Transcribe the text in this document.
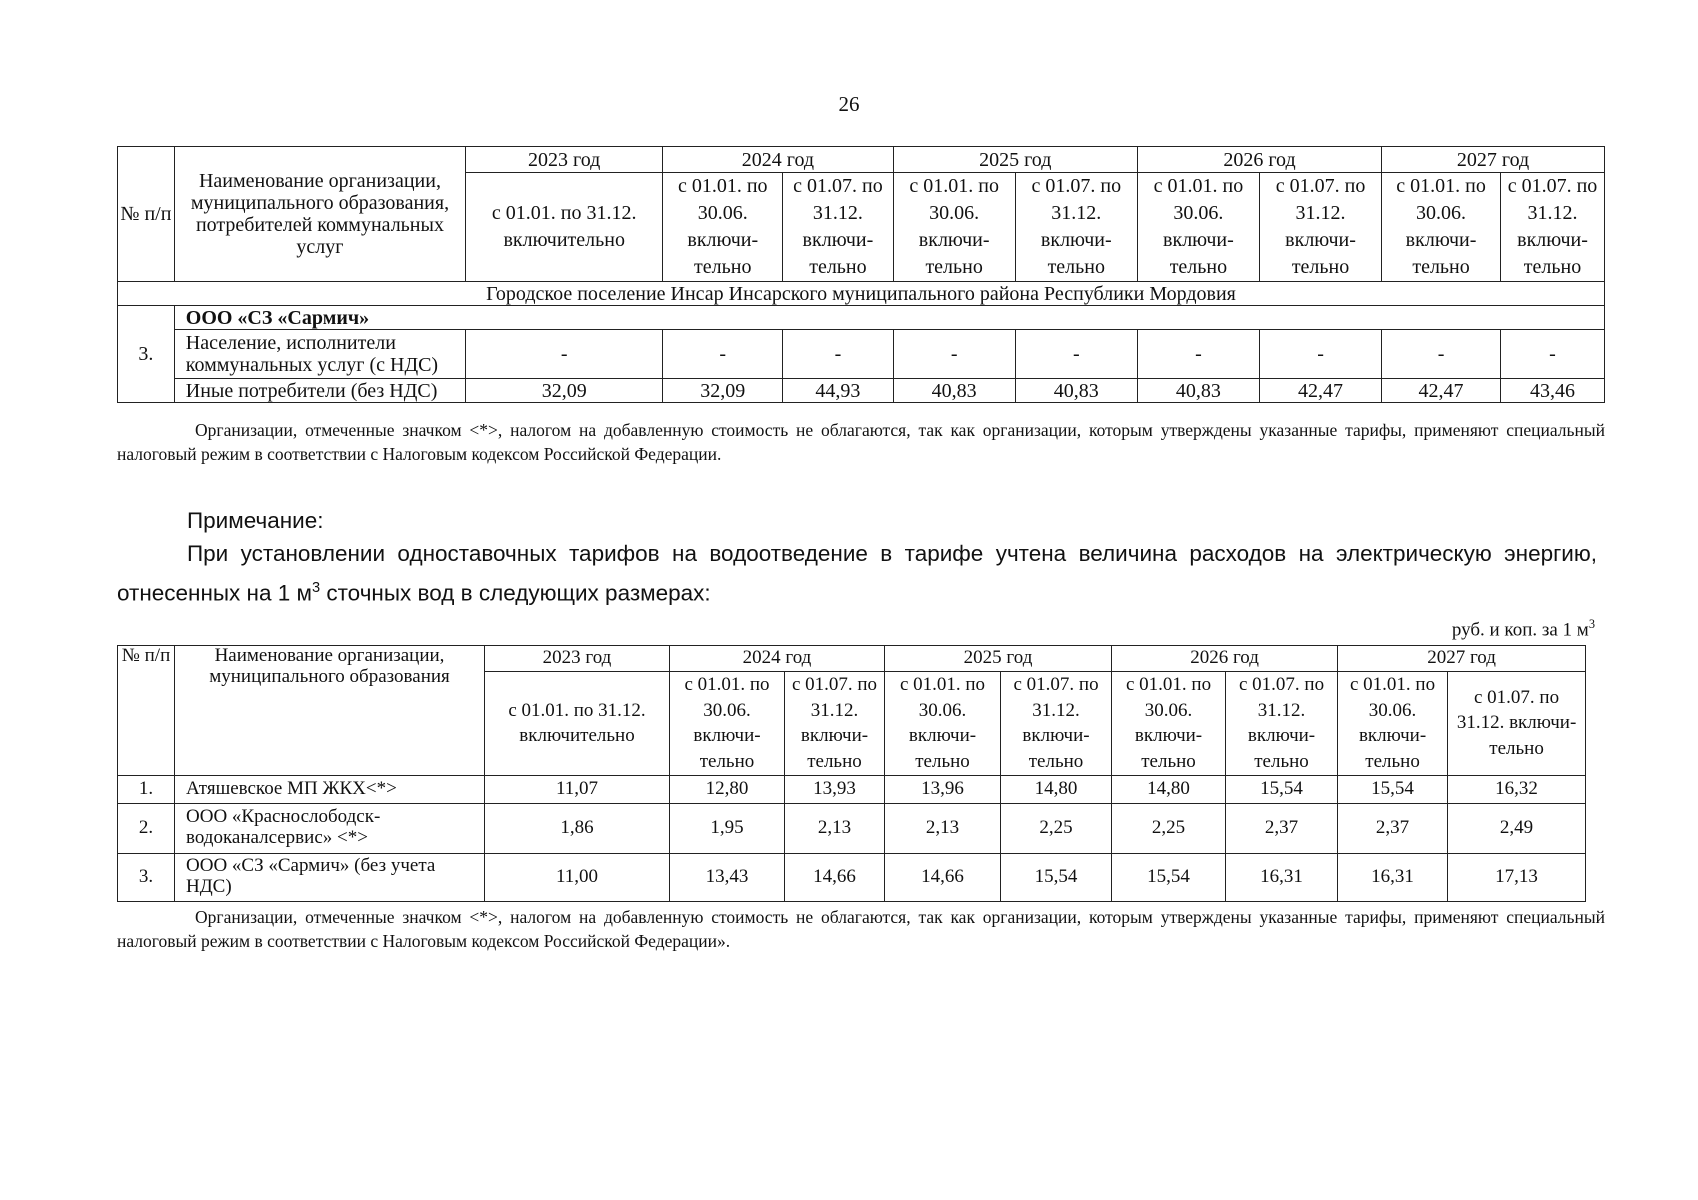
26
№ п/п	Наименование организации, муниципального образования, потребителей коммунальных услуг	2023 год	2024 год		2025 год		2026 год		2027 год	
		с 01.01. по 31.12. включительно	с 01.01. по 30.06. включи-тельно	с 01.07. по 31.12. включи-тельно	с 01.01. по 30.06. включи-тельно	с 01.07. по 31.12. включи-тельно	с 01.01. по 30.06. включи-тельно	с 01.07. по 31.12. включи-тельно	с 01.01. по 30.06. включи-тельно	с 01.07. по 31.12. включи-тельно
Городское поселение Инсар Инсарского муниципального района Республики Мордовия										
3.	ООО «СЗ «Сармич»									
	Население, исполнители коммунальных услуг (с НДС)	-	-	-	-	-	-	-	-	-
	Иные потребители (без НДС)	32,09	32,09	44,93	40,83	40,83	40,83	42,47	42,47	43,46
Организации, отмеченные значком <*>, налогом на добавленную стоимость не облагаются, так как организации, которым утверждены указанные тарифы, применяют специальный налоговый режим в соответствии с Налоговым кодексом Российской Федерации.
Примечание:
При установлении одноставочных тарифов на водоотведение в тарифе учтена величина расходов на электрическую энергию, отнесенных на 1 $м^3$ сточных вод в следующих размерах:
руб. и коп. за 1 $м^3$
№ п/п	Наименование организации, муниципального образования	2023 год	2024 год		2025 год		2026 год		2027 год	
		с 01.01. по 31.12. включительно	с 01.01. по 30.06. включи-тельно	с 01.07. по 31.12. включи-тельно	с 01.01. по 30.06. включи-тельно	с 01.07. по 31.12. включи-тельно	с 01.01. по 30.06. включи-тельно	с 01.07. по 31.12. включи-тельно	с 01.01. по 30.06. включи-тельно	с 01.07. по 31.12. включи-тельно
1.	Атяшевское МП ЖКХ<*>	11,07	12,80	13,93	13,96	14,80	14,80	15,54	15,54	16,32
2.	ООО «Краснослободск-водоканалсервис» <*>	1,86	1,95	2,13	2,13	2,25	2,25	2,37	2,37	2,49
3.	ООО «СЗ «Сармич» (без учета НДС)	11,00	13,43	14,66	14,66	15,54	15,54	16,31	16,31	17,13
Организации, отмеченные значком <*>, налогом на добавленную стоимость не облагаются, так как организации, которым утверждены указанные тарифы, применяют специальный налоговый режим в соответствии с Налоговым кодексом Российской Федерации».
